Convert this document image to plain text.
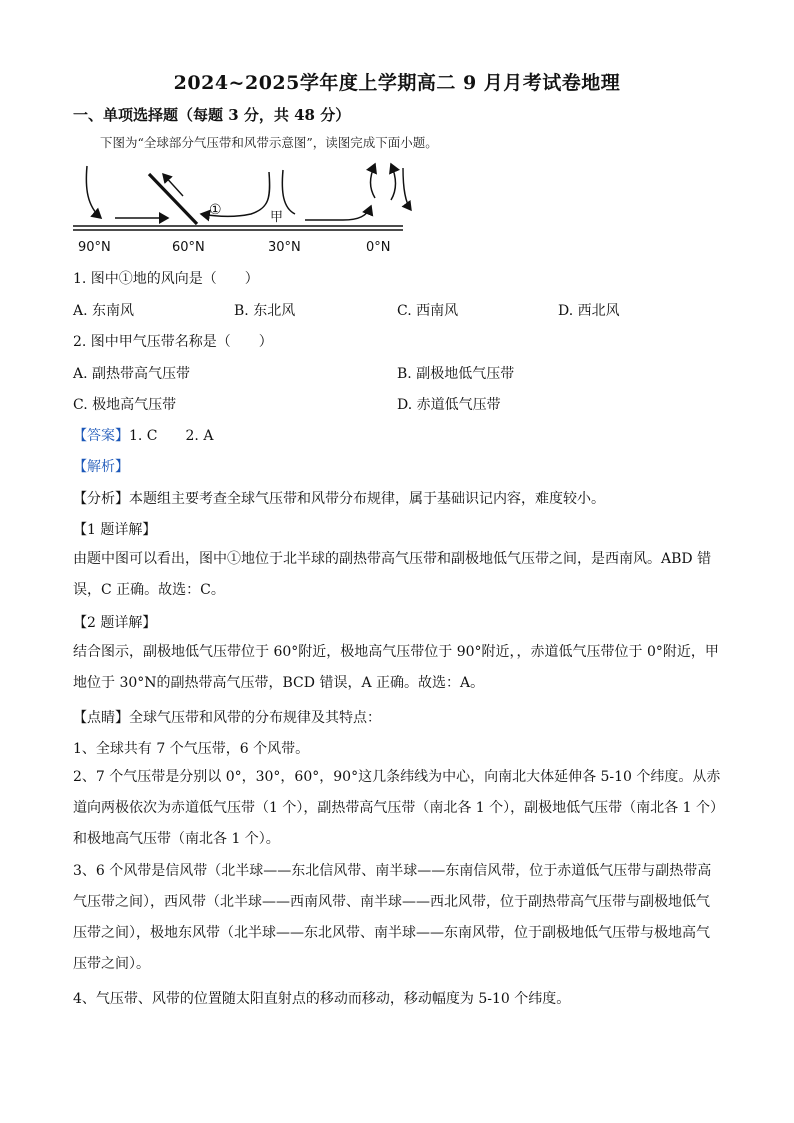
2024~2025学年度上学期高二 9 月月考试卷地理
一、单项选择题（每题 3 分，共 48 分）
下图为“全球部分气压带和风带示意图”，读图完成下面小题。
①	甲
90°N	60°N	30°N	0°N
1. 图中①地的风向是（　　）
A. 东南风	B. 东北风	C. 西南风	D. 西北风
2. 图中甲气压带名称是（　　）
A. 副热带高气压带	B. 副极地低气压带
C. 极地高气压带	D. 赤道低气压带
【答案】1. C　　2. A
【解析】
【分析】本题组主要考查全球气压带和风带分布规律，属于基础识记内容，难度较小。
【1 题详解】
由题中图可以看出，图中①地位于北半球的副热带高气压带和副极地低气压带之间，是西南风。ABD 错误，C 正确。故选：C。
【2 题详解】
结合图示，副极地低气压带位于 60°附近，极地高气压带位于 90°附近，，赤道低气压带位于 0°附近，甲地位于 30°N的副热带高气压带，BCD 错误，A 正确。故选：A。
【点睛】全球气压带和风带的分布规律及其特点：
1、全球共有 7 个气压带，6 个风带。
2、7 个气压带是分别以 0°，30°，60°，90°这几条纬线为中心，向南北大体延伸各 5-10 个纬度。从赤道向两极依次为赤道低气压带（1 个），副热带高气压带（南北各 1 个），副极地低气压带（南北各 1 个）和极地高气压带（南北各 1 个）。
3、6 个风带是信风带（北半球——东北信风带、南半球——东南信风带，位于赤道低气压带与副热带高气压带之间），西风带（北半球——西南风带、南半球——西北风带，位于副热带高气压带与副极地低气压带之间），极地东风带（北半球——东北风带、南半球——东南风带，位于副极地低气压带与极地高气压带之间）。
4、气压带、风带的位置随太阳直射点的移动而移动，移动幅度为 5-10 个纬度。
